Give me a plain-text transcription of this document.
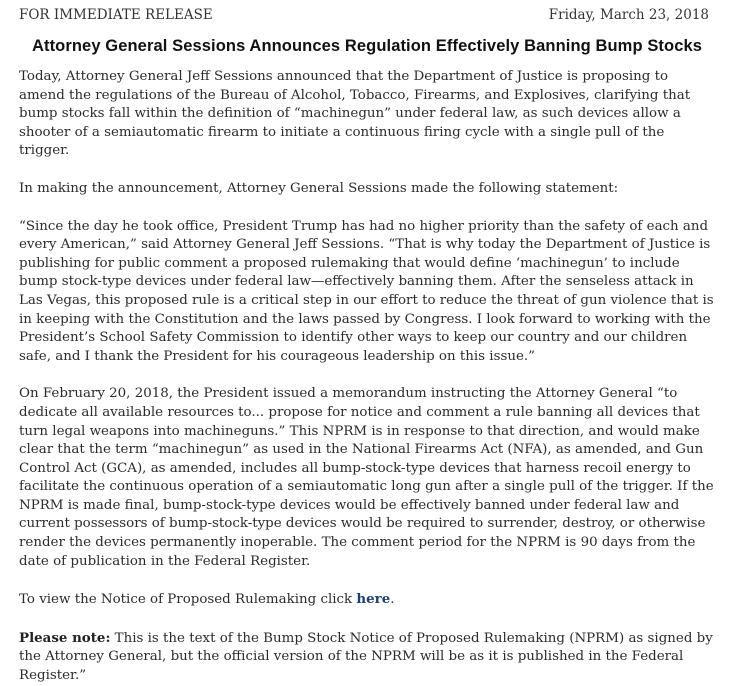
FOR IMMEDIATE RELEASE	Friday, March 23, 2018
Attorney General Sessions Announces Regulation Effectively Banning Bump Stocks

Today, Attorney General Jeff Sessions announced that the Department of Justice is proposing to amend the regulations of the Bureau of Alcohol, Tobacco, Firearms, and Explosives, clarifying that bump stocks fall within the definition of “machinegun” under federal law, as such devices allow a shooter of a semiautomatic firearm to initiate a continuous firing cycle with a single pull of the trigger.

In making the announcement, Attorney General Sessions made the following statement:

“Since the day he took office, President Trump has had no higher priority than the safety of each and every American,” said Attorney General Jeff Sessions. “That is why today the Department of Justice is publishing for public comment a proposed rulemaking that would define ‘machinegun’ to include bump stock-type devices under federal law—effectively banning them. After the senseless attack in Las Vegas, this proposed rule is a critical step in our effort to reduce the threat of gun violence that is in keeping with the Constitution and the laws passed by Congress. I look forward to working with the President’s School Safety Commission to identify other ways to keep our country and our children safe, and I thank the President for his courageous leadership on this issue.”

On February 20, 2018, the President issued a memorandum instructing the Attorney General “to dedicate all available resources to... propose for notice and comment a rule banning all devices that turn legal weapons into machineguns.” This NPRM is in response to that direction, and would make clear that the term “machinegun” as used in the National Firearms Act (NFA), as amended, and Gun Control Act (GCA), as amended, includes all bump-stock-type devices that harness recoil energy to facilitate the continuous operation of a semiautomatic long gun after a single pull of the trigger. If the NPRM is made final, bump-stock-type devices would be effectively banned under federal law and current possessors of bump-stock-type devices would be required to surrender, destroy, or otherwise render the devices permanently inoperable. The comment period for the NPRM is 90 days from the date of publication in the Federal Register.

To view the Notice of Proposed Rulemaking click here.

Please note: This is the text of the Bump Stock Notice of Proposed Rulemaking (NPRM) as signed by the Attorney General, but the official version of the NPRM will be as it is published in the Federal Register.”
